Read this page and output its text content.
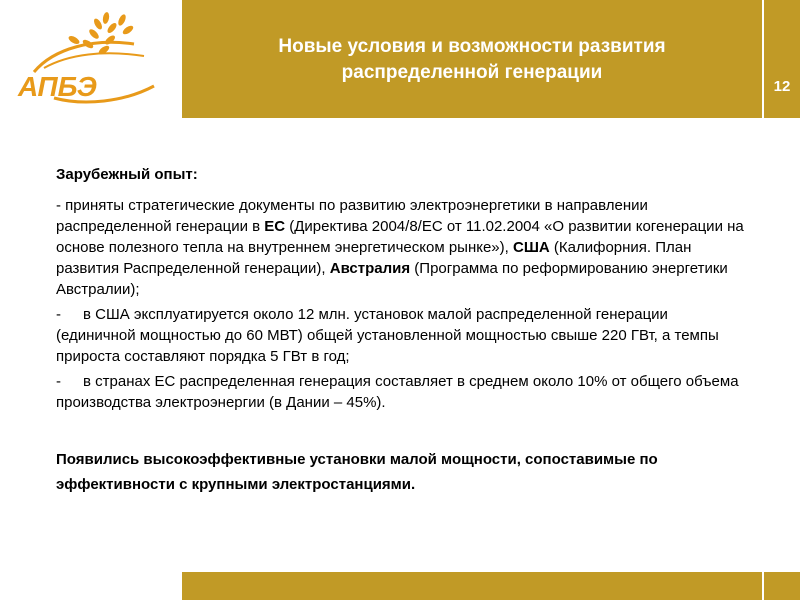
АПБЭ
Новые условия и возможности развития
распределенной генерации
12

Зарубежный опыт:

- приняты стратегические документы по развитию электроэнергетики в направлении распределенной генерации в ЕС (Директива 2004/8/ЕС от 11.02.2004 «О развитии когенерации на основе полезного тепла на внутреннем энергетическом рынке»), США (Калифорния. План развития Распределенной генерации), Австралия (Программа по реформированию энергетики Австралии);

- в США эксплуатируется около 12 млн. установок малой распределенной генерации (единичной мощностью до 60 МВТ) общей установленной мощностью свыше 220 ГВт, а темпы прироста составляют порядка 5 ГВт в год;

- в странах ЕС распределенная генерация составляет в среднем около 10% от общего объема производства электроэнергии (в Дании – 45%).

Появились высокоэффективные установки малой мощности, сопоставимые по эффективности с крупными электростанциями.
